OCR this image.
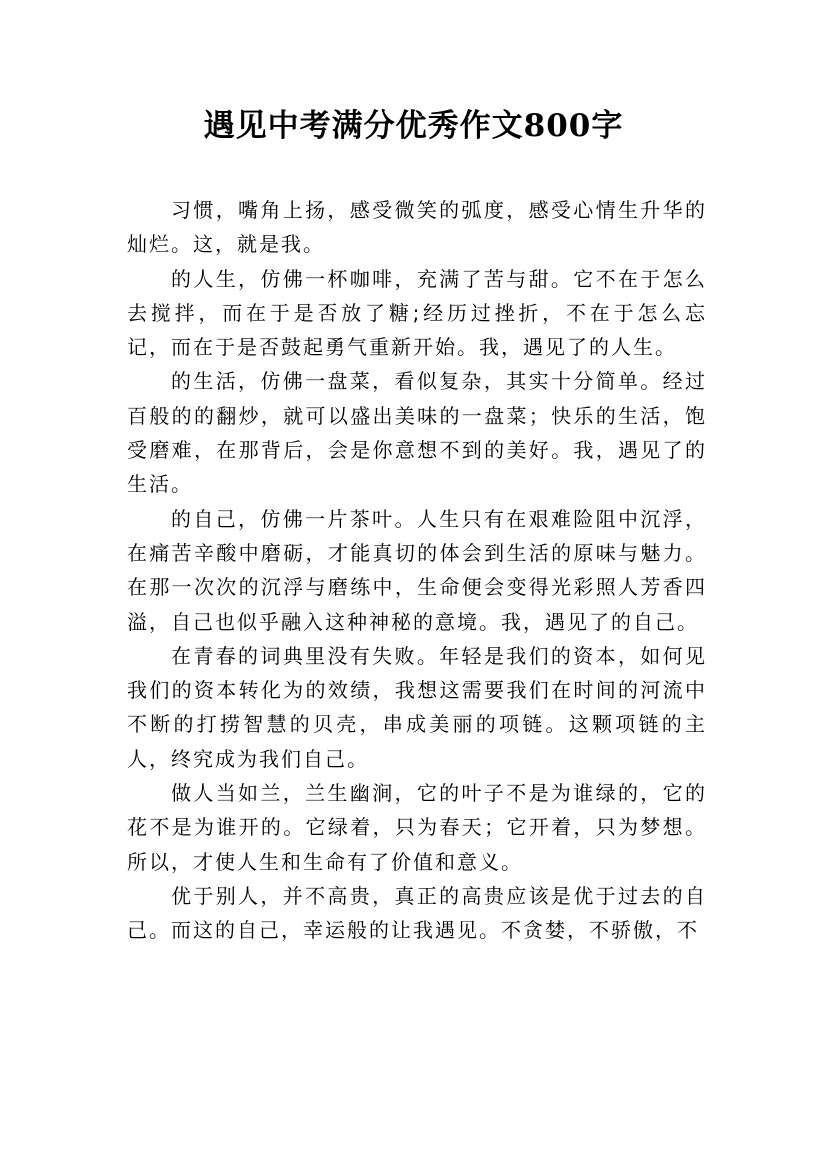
遇见中考满分优秀作文800字

习惯，嘴角上扬，感受微笑的弧度，感受心情生升华的灿烂。这，就是我。

的人生，仿佛一杯咖啡，充满了苦与甜。它不在于怎么去搅拌，而在于是否放了糖;经历过挫折，不在于怎么忘记，而在于是否鼓起勇气重新开始。我，遇见了的人生。

的生活，仿佛一盘菜，看似复杂，其实十分简单。经过百般的的翻炒，就可以盛出美味的一盘菜；快乐的生活，饱受磨难，在那背后，会是你意想不到的美好。我，遇见了的生活。

的自己，仿佛一片茶叶。人生只有在艰难险阻中沉浮，在痛苦辛酸中磨砺，才能真切的体会到生活的原味与魅力。在那一次次的沉浮与磨练中，生命便会变得光彩照人芳香四溢，自己也似乎融入这种神秘的意境。我，遇见了的自己。

在青春的词典里没有失败。年轻是我们的资本，如何见我们的资本转化为的效绩，我想这需要我们在时间的河流中不断的打捞智慧的贝壳，串成美丽的项链。这颗项链的主人，终究成为我们自己。

做人当如兰，兰生幽涧，它的叶子不是为谁绿的，它的花不是为谁开的。它绿着，只为春天；它开着，只为梦想。所以，才使人生和生命有了价值和意义。

优于别人，并不高贵，真正的高贵应该是优于过去的自己。而这的自己，幸运般的让我遇见。不贪婪，不骄傲，不
